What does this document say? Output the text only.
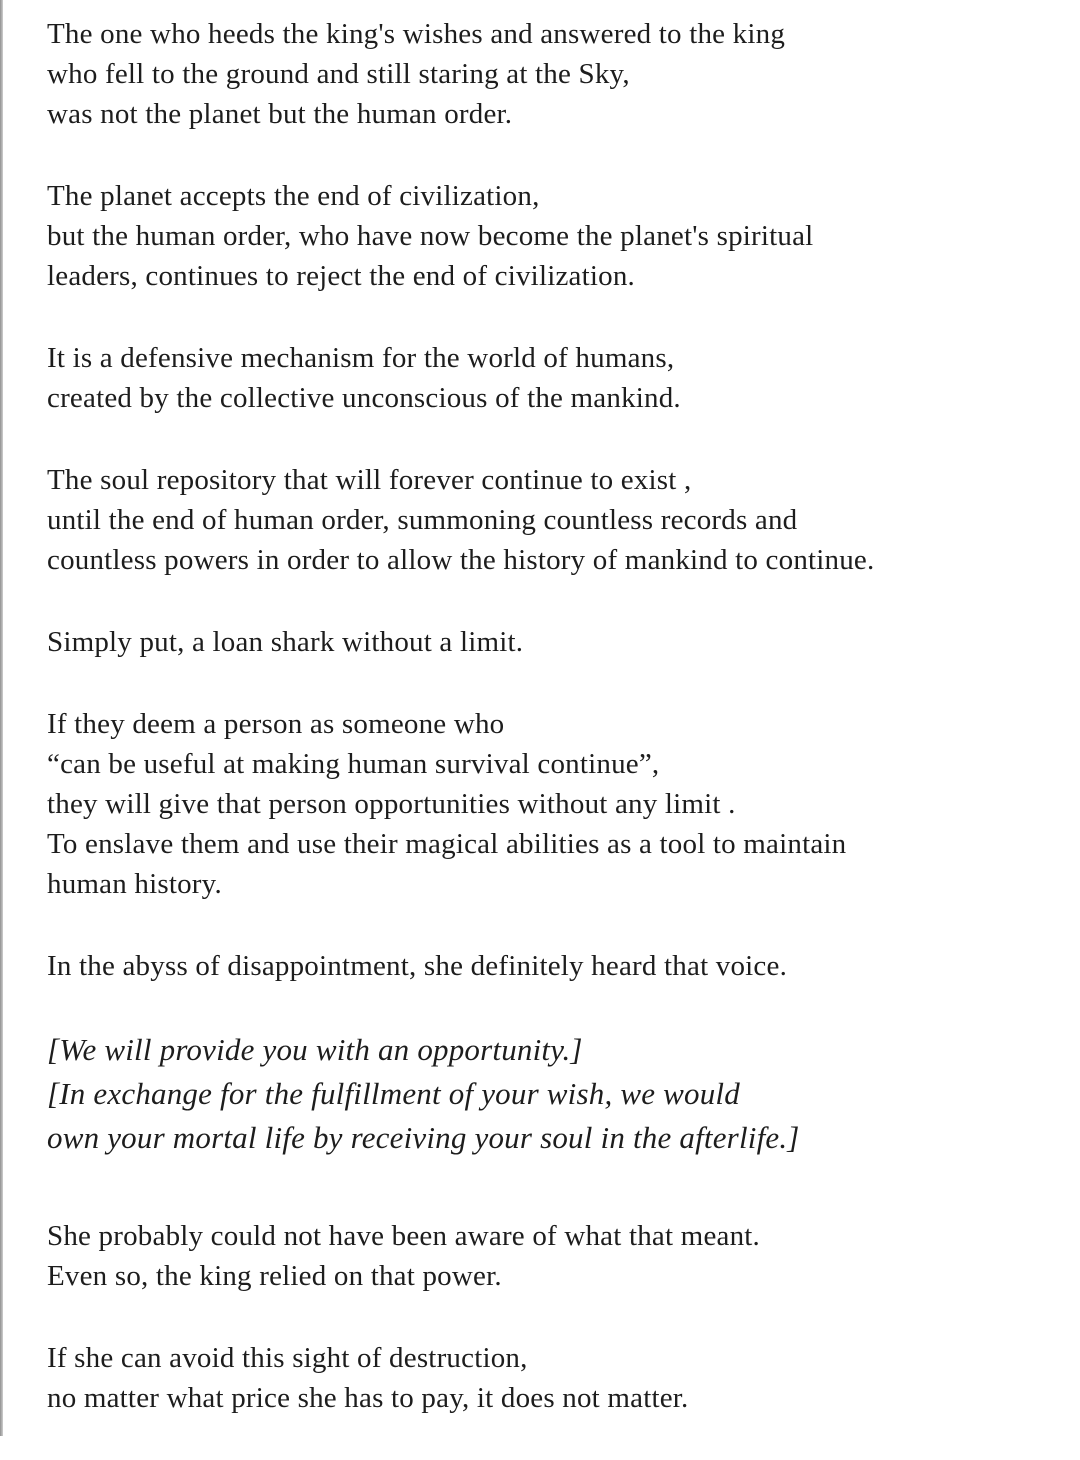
The one who heeds the king's wishes and answered to the king
who fell to the ground and still staring at the Sky,
was not the planet but the human order.
The planet accepts the end of civilization,
but the human order, who have now become the planet's spiritual
leaders, continues to reject the end of civilization.
It is a defensive mechanism for the world of humans,
created by the collective unconscious of the mankind.
The soul repository that will forever continue to exist ,
until the end of human order, summoning countless records and
countless powers in order to allow the history of mankind to continue.
Simply put, a loan shark without a limit.
If they deem a person as someone who
“can be useful at making human survival continue”,
they will give that person opportunities without any limit .
To enslave them and use their magical abilities as a tool to maintain
human history.
In the abyss of disappointment, she definitely heard that voice.
[We will provide you with an opportunity.]
[In exchange for the fulfillment of your wish, we would
own your mortal life by receiving your soul in the afterlife.]
She probably could not have been aware of what that meant.
Even so, the king relied on that power.
If she can avoid this sight of destruction,
no matter what price she has to pay, it does not matter.
